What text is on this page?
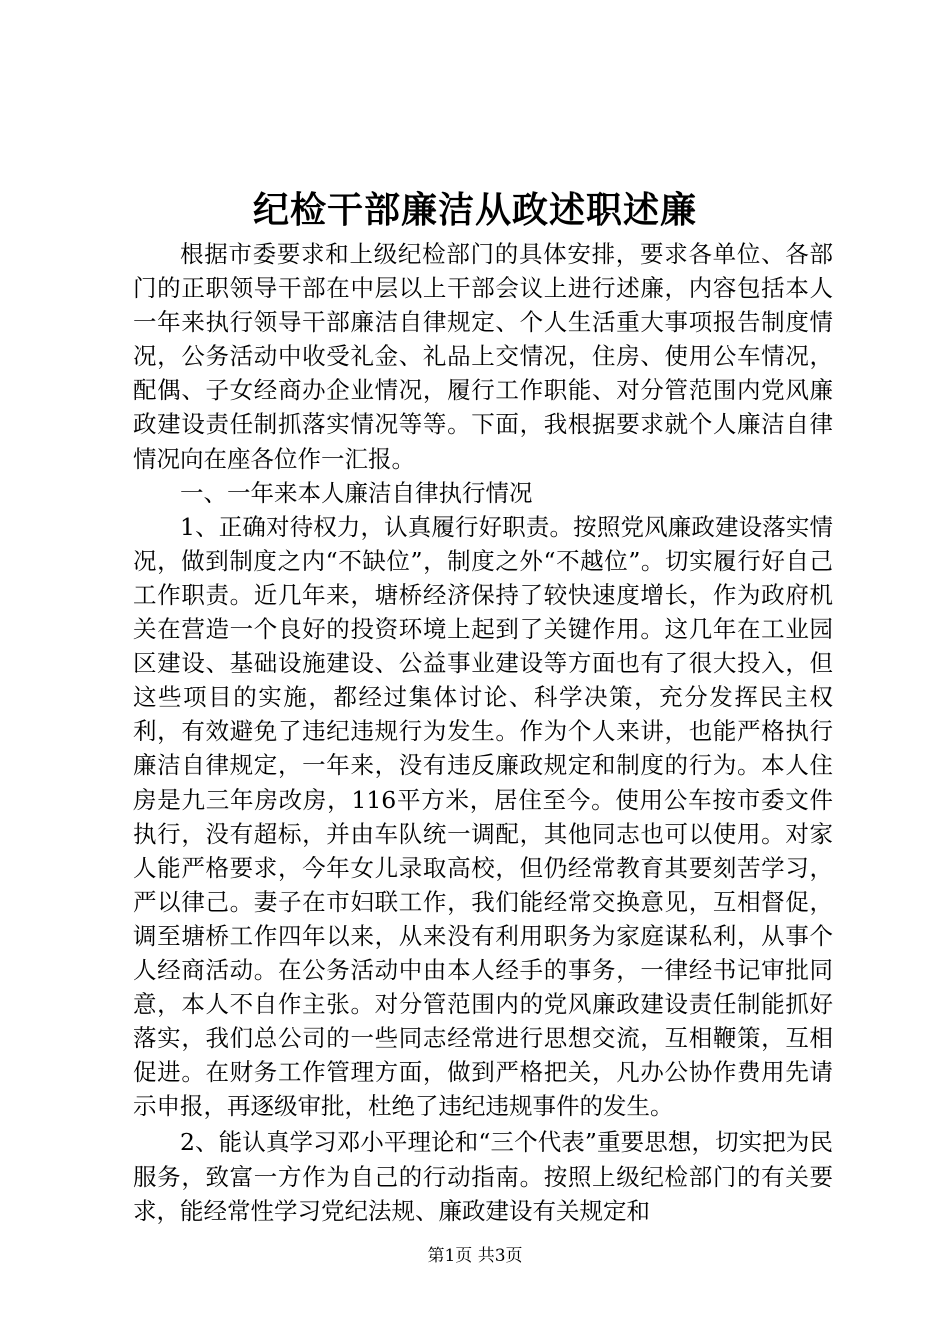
纪检干部廉洁从政述职述廉

根据市委要求和上级纪检部门的具体安排，要求各单位、各部门的正职领导干部在中层以上干部会议上进行述廉，内容包括本人一年来执行领导干部廉洁自律规定、个人生活重大事项报告制度情况，公务活动中收受礼金、礼品上交情况，住房、使用公车情况，配偶、子女经商办企业情况，履行工作职能、对分管范围内党风廉政建设责任制抓落实情况等等。下面，我根据要求就个人廉洁自律情况向在座各位作一汇报。

一、一年来本人廉洁自律执行情况

1、正确对待权力，认真履行好职责。按照党风廉政建设落实情况，做到制度之内“不缺位”，制度之外“不越位”。切实履行好自己工作职责。近几年来，塘桥经济保持了较快速度增长，作为政府机关在营造一个良好的投资环境上起到了关键作用。这几年在工业园区建设、基础设施建设、公益事业建设等方面也有了很大投入，但这些项目的实施，都经过集体讨论、科学决策，充分发挥民主权利，有效避免了违纪违规行为发生。作为个人来讲，也能严格执行廉洁自律规定，一年来，没有违反廉政规定和制度的行为。本人住房是九三年房改房，116平方米，居住至今。使用公车按市委文件执行，没有超标，并由车队统一调配，其他同志也可以使用。对家人能严格要求，今年女儿录取高校，但仍经常教育其要刻苦学习，严以律己。妻子在市妇联工作，我们能经常交换意见，互相督促，调至塘桥工作四年以来，从来没有利用职务为家庭谋私利，从事个人经商活动。在公务活动中由本人经手的事务，一律经书记审批同意，本人不自作主张。对分管范围内的党风廉政建设责任制能抓好落实，我们总公司的一些同志经常进行思想交流，互相鞭策，互相促进。在财务工作管理方面，做到严格把关，凡办公协作费用先请示申报，再逐级审批，杜绝了违纪违规事件的发生。

2、能认真学习邓小平理论和“三个代表”重要思想，切实把为民服务，致富一方作为自己的行动指南。按照上级纪检部门的有关要求，能经常性学习党纪法规、廉政建设有关规定和

第1页 共3页
